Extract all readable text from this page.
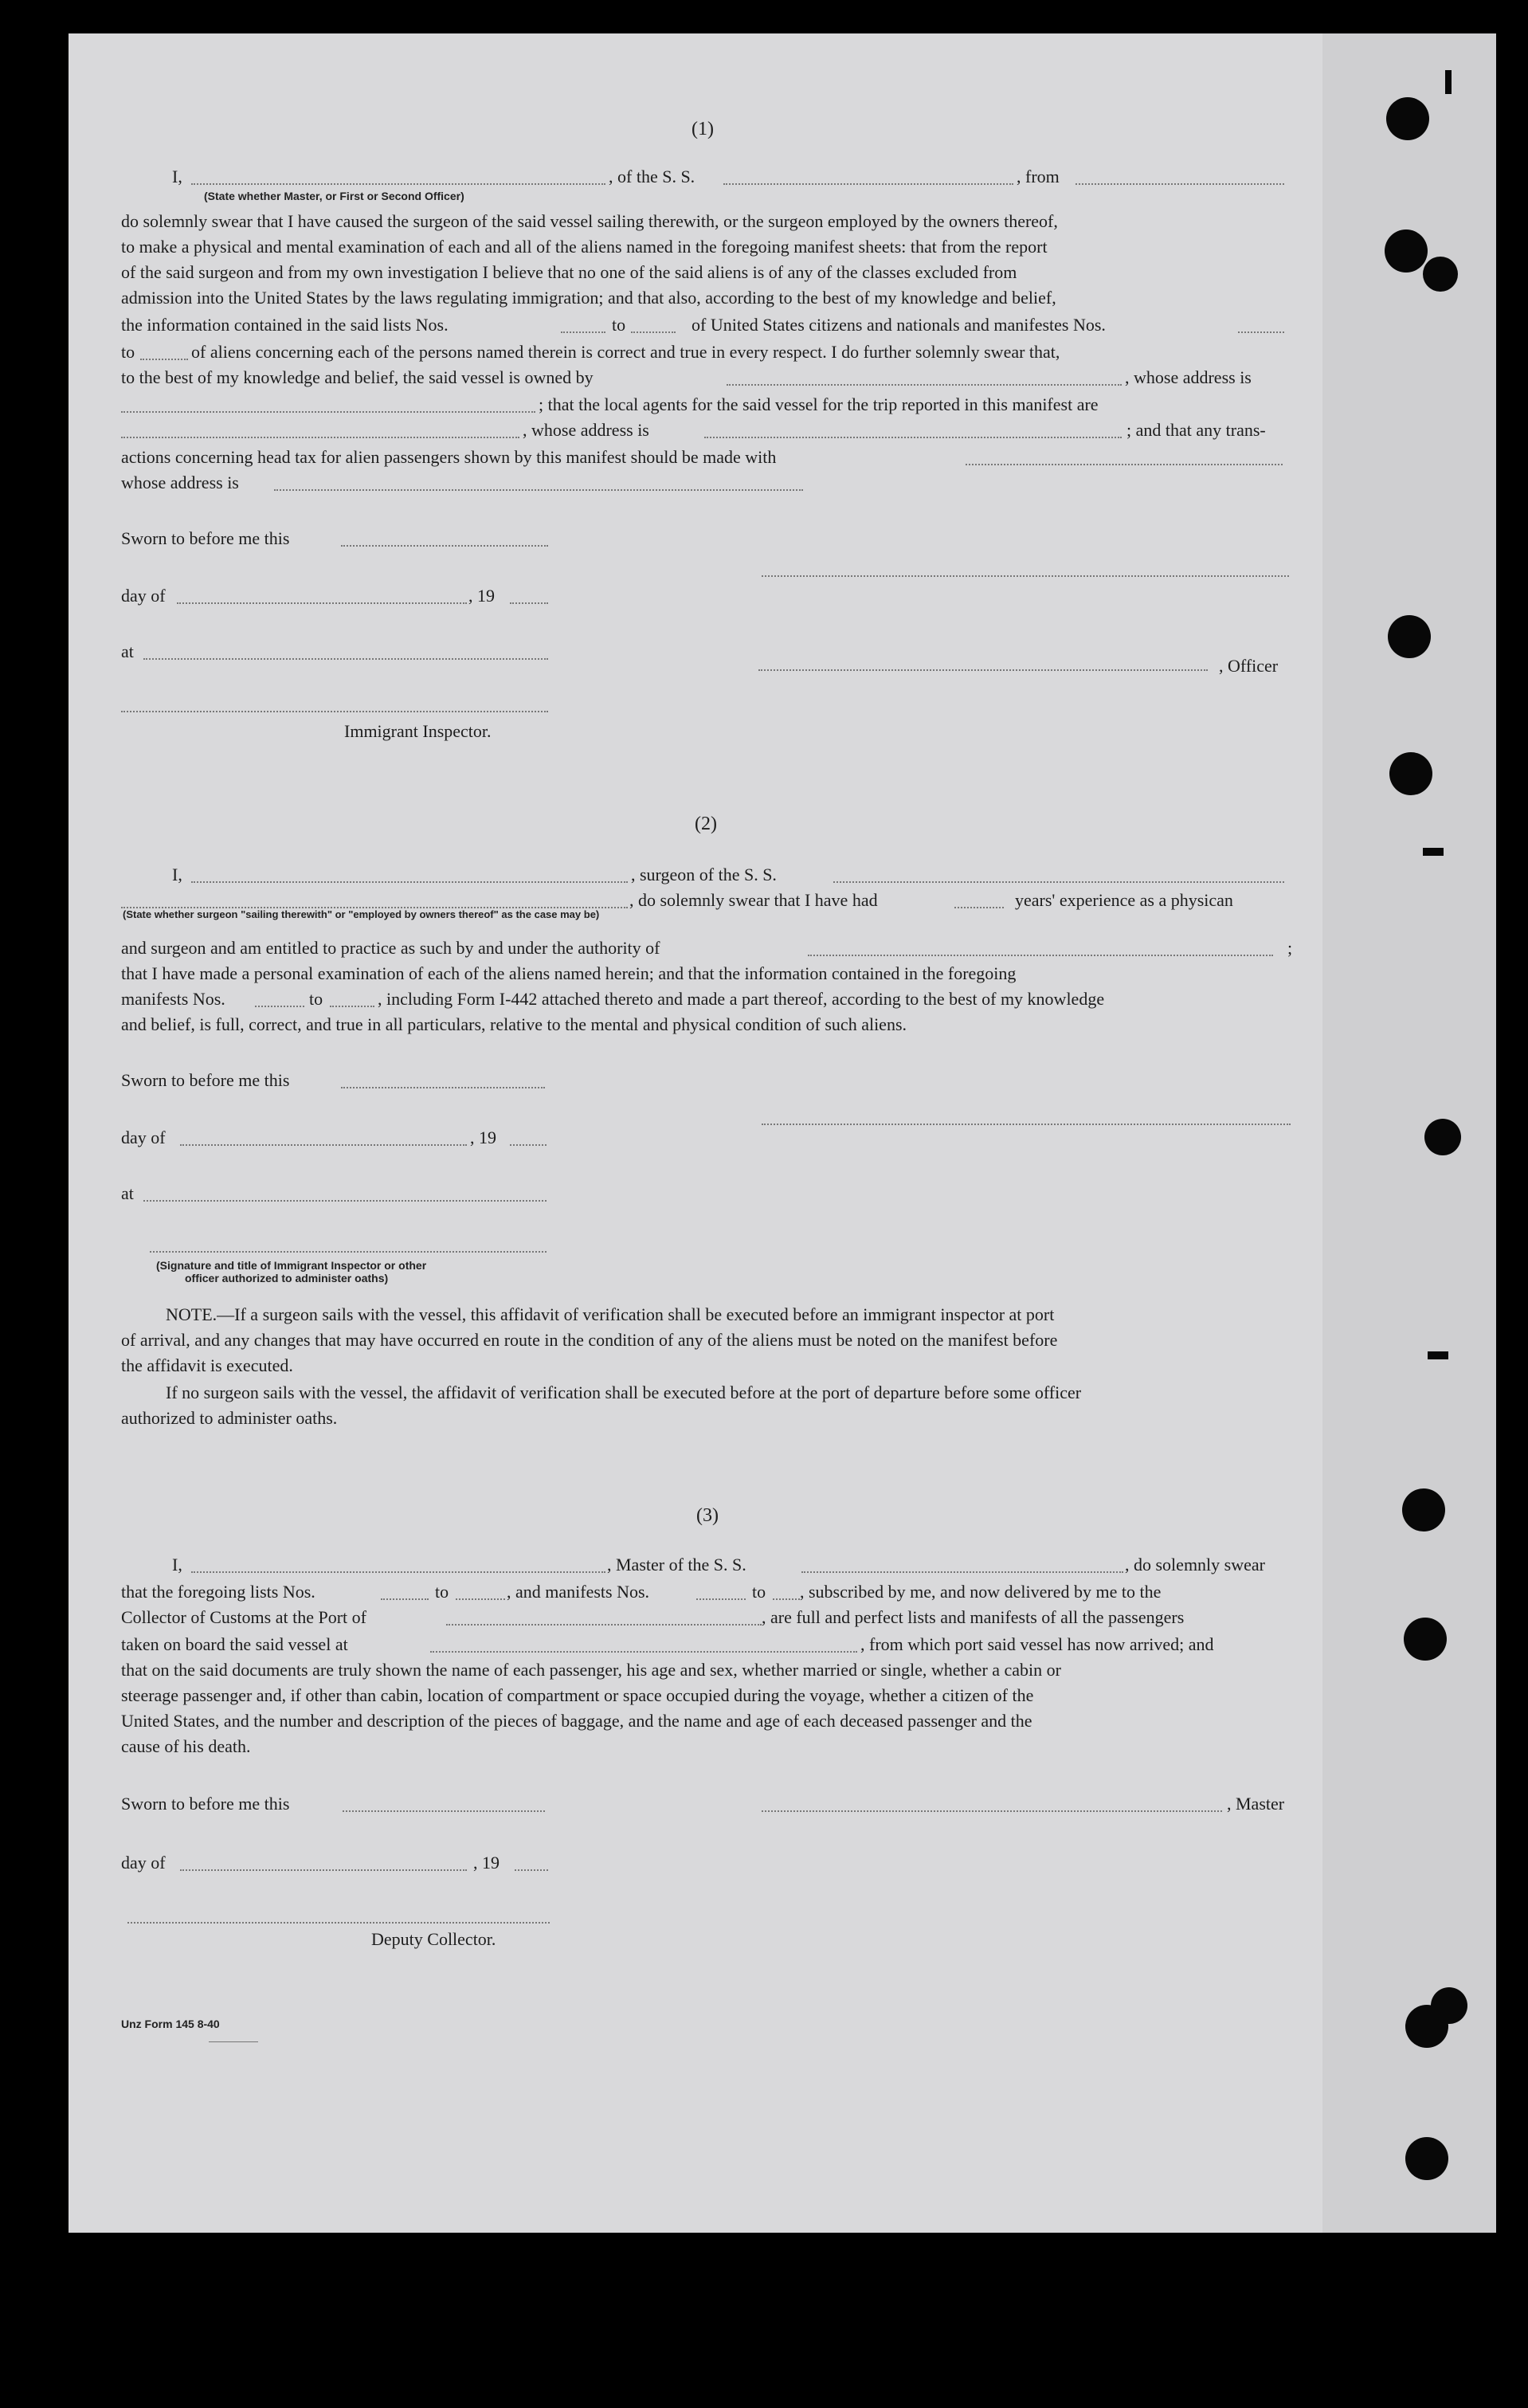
(1)
I,	, of the S. S.	, from
(State whether Master, or First or Second Officer)
do solemnly swear that I have caused the surgeon of the said vessel sailing therewith, or the surgeon employed by the owners thereof,
to make a physical and mental examination of each and all of the aliens named in the foregoing manifest sheets: that from the report
of the said surgeon and from my own investigation I believe that no one of the said aliens is of any of the classes excluded from
admission into the United States by the laws regulating immigration; and that also, according to the best of my knowledge and belief,
the information contained in the said lists Nos.	to	of United States citizens and nationals and manifestes Nos.
to	of aliens concerning each of the persons named therein is correct and true in every respect. I do further solemnly swear that,
to the best of my knowledge and belief, the said vessel is owned by	, whose address is
; that the local agents for the said vessel for the trip reported in this manifest are
, whose address is	; and that any trans-
actions concerning head tax for alien passengers shown by this manifest should be made with
whose address is
Sworn to before me this
day of	, 19
at
, Officer
Immigrant Inspector.
(2)
I,	, surgeon of the S. S.
, do solemnly swear that I have had	years' experience as a physican
(State whether surgeon "sailing therewith" or "employed by owners thereof" as the case may be)
and surgeon and am entitled to practice as such by and under the authority of	;
that I have made a personal examination of each of the aliens named herein; and that the information contained in the foregoing
manifests Nos.	to	, including Form I-442 attached thereto and made a part thereof, according to the best of my knowledge
and belief, is full, correct, and true in all particulars, relative to the mental and physical condition of such aliens.
Sworn to before me this
day of	, 19
at
(Signature and title of Immigrant Inspector or other
officer authorized to administer oaths)
NOTE.—If a surgeon sails with the vessel, this affidavit of verification shall be executed before an immigrant inspector at port
of arrival, and any changes that may have occurred en route in the condition of any of the aliens must be noted on the manifest before
the affidavit is executed.
If no surgeon sails with the vessel, the affidavit of verification shall be executed before at the port of departure before some officer
authorized to administer oaths.
(3)
I,	, Master of the S. S.	, do solemnly swear
that the foregoing lists Nos.	to	, and manifests Nos.	to , subscribed by me, and now delivered by me to the
Collector of Customs at the Port of	, are full and perfect lists and manifests of all the passengers
taken on board the said vessel at	, from which port said vessel has now arrived; and
that on the said documents are truly shown the name of each passenger, his age and sex, whether married or single, whether a cabin or
steerage passenger and, if other than cabin, location of compartment or space occupied during the voyage, whether a citizen of the
United States, and the number and description of the pieces of baggage, and the name and age of each deceased passenger and the
cause of his death.
Sworn to before me this	, Master
day of	, 19
Deputy Collector.
Unz Form 145 8-40
